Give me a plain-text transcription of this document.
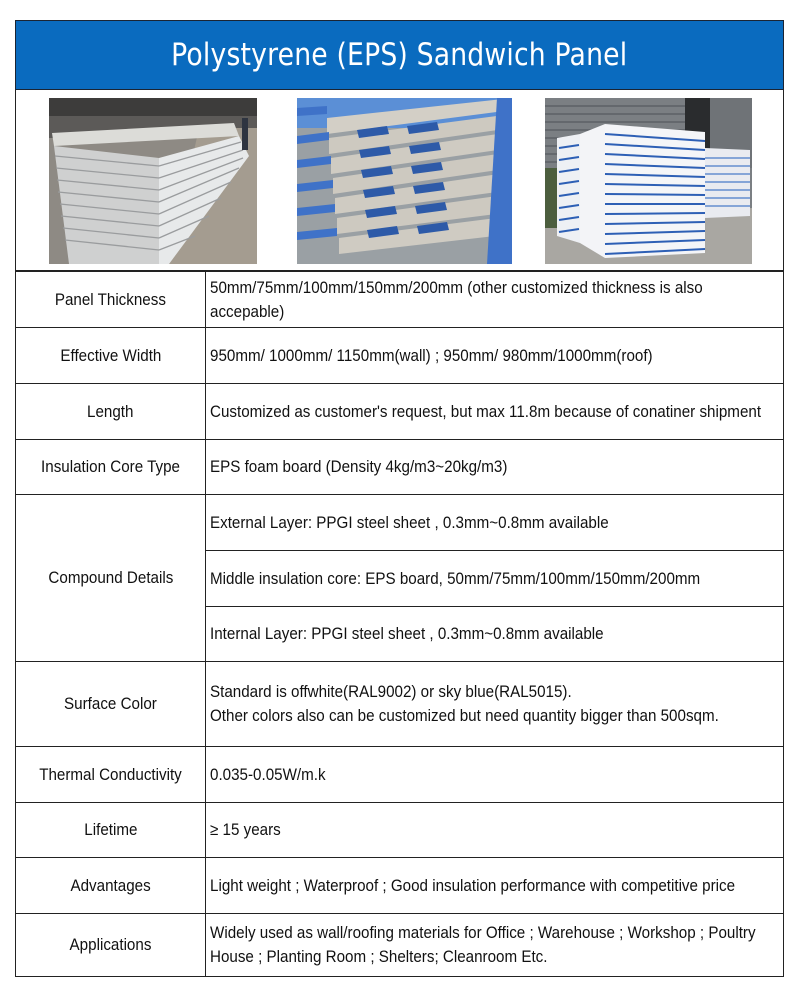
Polystyrene (EPS) Sandwich Panel
Panel Thickness	50mm/75mm/100mm/150mm/200mm (other customized thickness is also accepable)

Effective Width	950mm/ 1000mm/ 1150mm(wall) ; 950mm/ 980mm/1000mm(roof)

Length	Customized as customer's request, but max 11.8m because of conatiner shipment

Insulation Core Type	EPS foam board (Density 4kg/m3~20kg/m3)

Compound Details	External Layer: PPGI steel sheet , 0.3mm~0.8mm available

	Middle insulation core: EPS board, 50mm/75mm/100mm/150mm/200mm

	Internal Layer: PPGI steel sheet , 0.3mm~0.8mm available

Surface Color	Standard is offwhite(RAL9002) or sky blue(RAL5015).
Other colors also can be customized but need quantity bigger than 500sqm.

Thermal Conductivity	0.035-0.05W/m.k

Lifetime	≥ 15 years

Advantages	Light weight ; Waterproof ; Good insulation performance with competitive price

Applications	Widely used as wall/roofing materials for Office ; Warehouse ; Workshop ; Poultry House ; Planting Room ; Shelters; Cleanroom Etc.
